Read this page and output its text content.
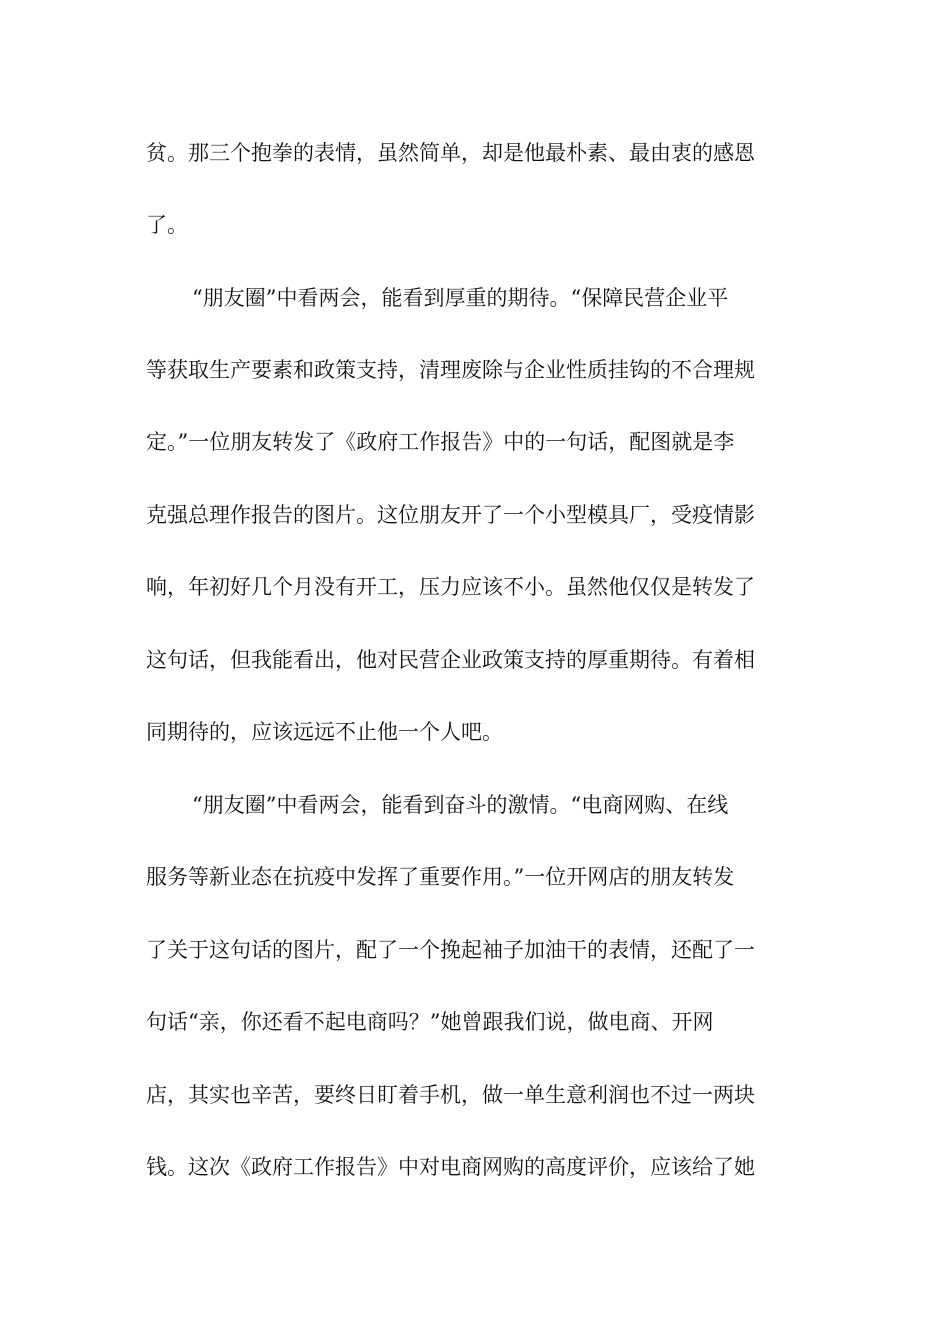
贫。那三个抱拳的表情，虽然简单，却是他最朴素、最由衷的感恩
了。
“朋友圈”中看两会，能看到厚重的期待。“保障民营企业平
等获取生产要素和政策支持，清理废除与企业性质挂钩的不合理规
定。”一位朋友转发了《政府工作报告》中的一句话，配图就是李
克强总理作报告的图片。这位朋友开了一个小型模具厂，受疫情影
响，年初好几个月没有开工，压力应该不小。虽然他仅仅是转发了
这句话，但我能看出，他对民营企业政策支持的厚重期待。有着相
同期待的，应该远远不止他一个人吧。
“朋友圈”中看两会，能看到奋斗的激情。“电商网购、在线
服务等新业态在抗疫中发挥了重要作用。”一位开网店的朋友转发
了关于这句话的图片，配了一个挽起袖子加油干的表情，还配了一
句话“亲，你还看不起电商吗？”她曾跟我们说，做电商、开网
店，其实也辛苦，要终日盯着手机，做一单生意利润也不过一两块
钱。这次《政府工作报告》中对电商网购的高度评价，应该给了她
